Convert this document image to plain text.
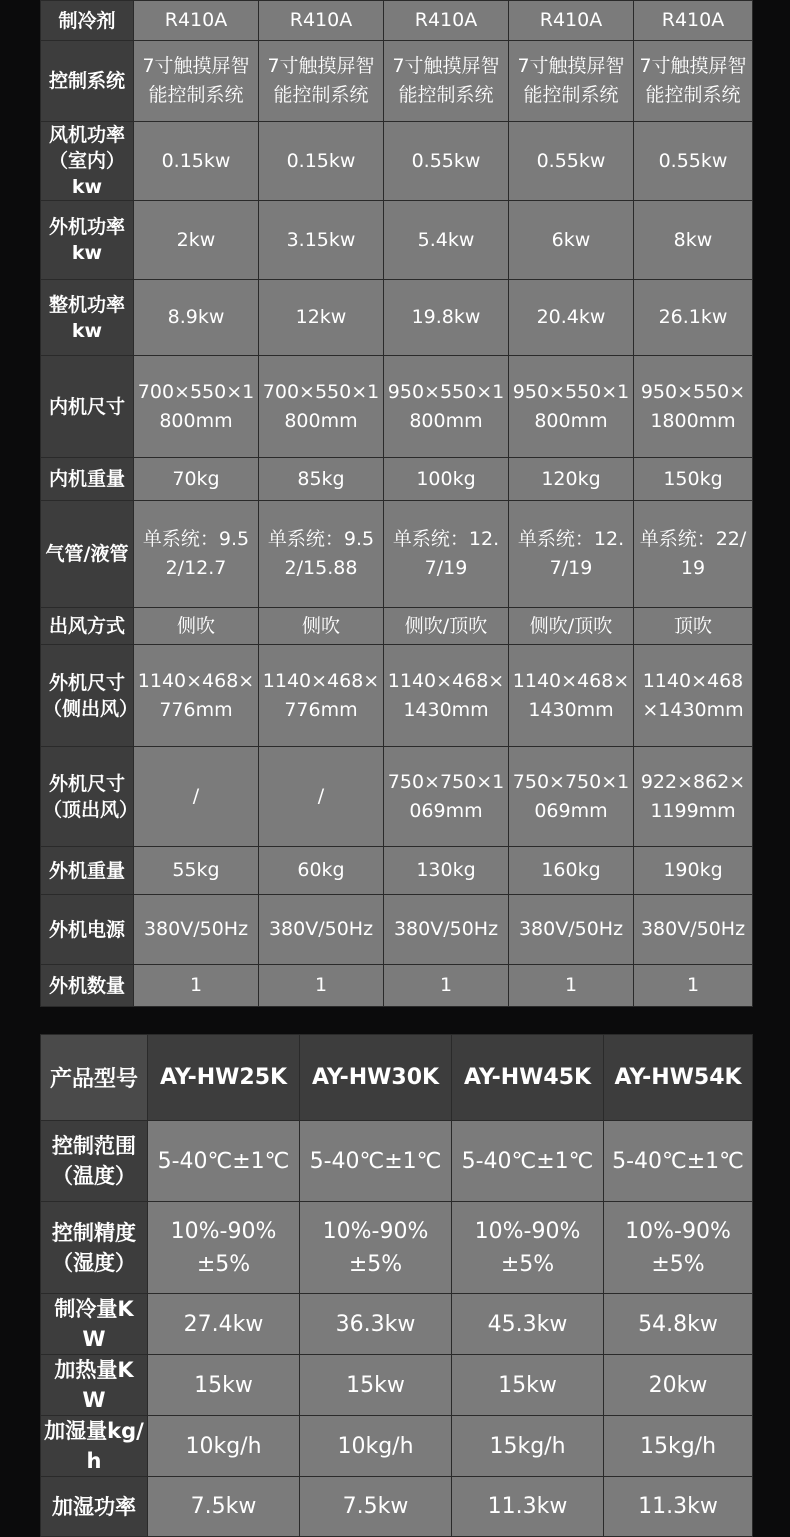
制冷剂	R410A	R410A	R410A	R410A	R410A
控制系统	7寸触摸屏智能控制系统	7寸触摸屏智能控制系统	7寸触摸屏智能控制系统	7寸触摸屏智能控制系统	7寸触摸屏智能控制系统
风机功率（室内）kw	0.15kw	0.15kw	0.55kw	0.55kw	0.55kw
外机功率kw	2kw	3.15kw	5.4kw	6kw	8kw
整机功率kw	8.9kw	12kw	19.8kw	20.4kw	26.1kw
内机尺寸	700×550×1800mm	700×550×1800mm	950×550×1800mm	950×550×1800mm	950×550×1800mm
内机重量	70kg	85kg	100kg	120kg	150kg
气管/液管	单系统：9.52/12.7	单系统：9.52/15.88	单系统：12.7/19	单系统：12.7/19	单系统：22/19
出风方式	侧吹	侧吹	侧吹/顶吹	侧吹/顶吹	顶吹
外机尺寸（侧出风）	1140×468×776mm	1140×468×776mm	1140×468×1430mm	1140×468×1430mm	1140×468×1430mm
外机尺寸（顶出风）	/	/	750×750×1069mm	750×750×1069mm	922×862×1199mm
外机重量	55kg	60kg	130kg	160kg	190kg
外机电源	380V/50Hz	380V/50Hz	380V/50Hz	380V/50Hz	380V/50Hz
外机数量	1	1	1	1	1
产品型号	AY-HW25K	AY-HW30K	AY-HW45K	AY-HW54K
控制范围（温度）	5-40℃±1℃	5-40℃±1℃	5-40℃±1℃	5-40℃±1℃
控制精度（湿度）	10%-90%±5%	10%-90%±5%	10%-90%±5%	10%-90%±5%
制冷量KW	27.4kw	36.3kw	45.3kw	54.8kw
加热量KW	15kw	15kw	15kw	20kw
加湿量kg/h	10kg/h	10kg/h	15kg/h	15kg/h
加湿功率	7.5kw	7.5kw	11.3kw	11.3kw
